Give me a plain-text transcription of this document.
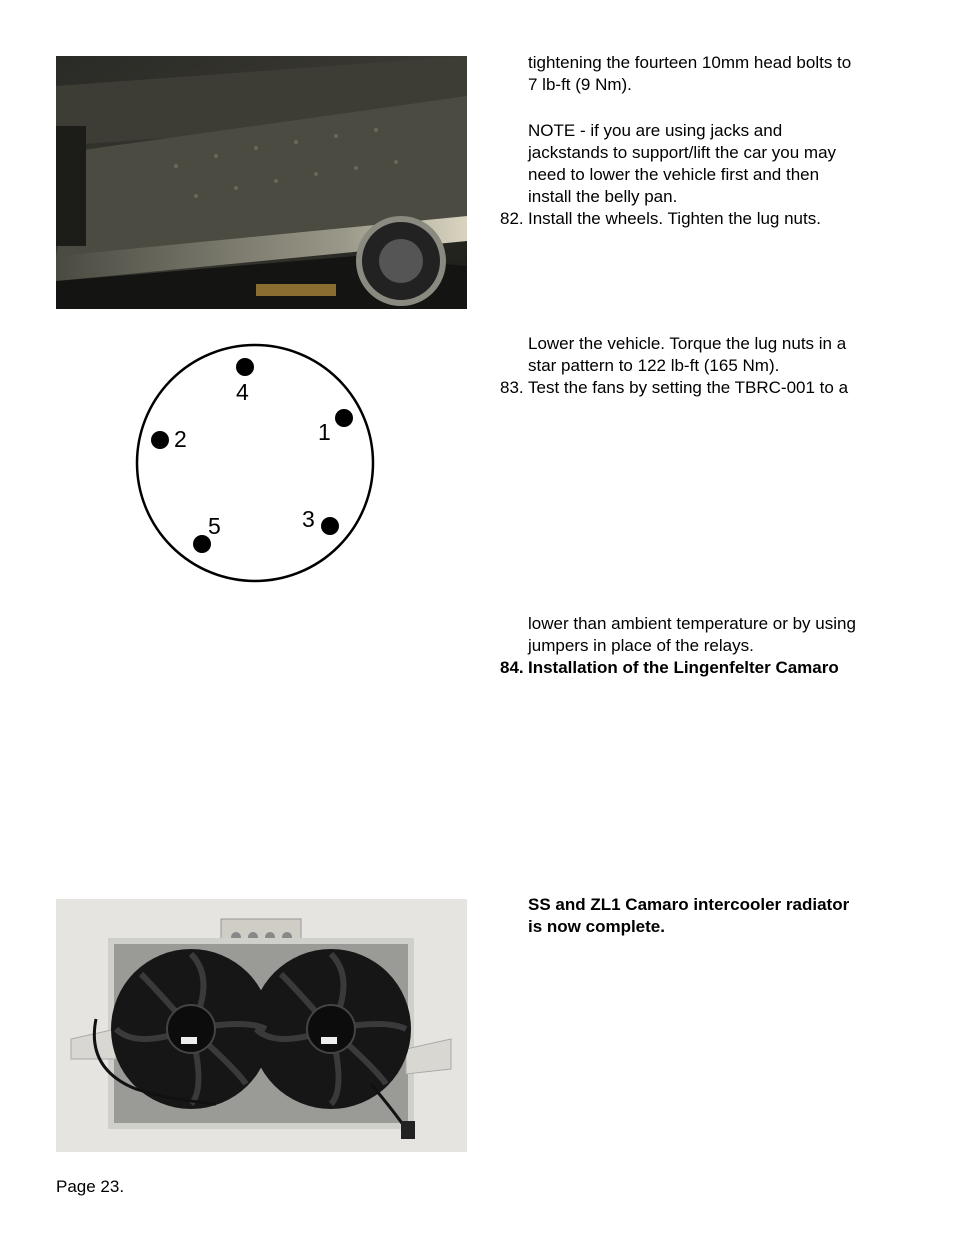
4
1
2
3
5
tightening the fourteen 10mm head bolts to
7 lb-ft (9 Nm).
NOTE - if you are using jacks and
jackstands to support/lift the car you may
need to lower the vehicle first and then
install the belly pan.
82. Install the wheels. Tighten the lug nuts.
Lower the vehicle. Torque the lug nuts in a
star pattern to 122 lb-ft (165 Nm).
83. Test the fans by setting the TBRC-001 to a
lower than ambient temperature or by using
jumpers in place of the relays.
84. Installation of the Lingenfelter Camaro
SS and ZL1 Camaro intercooler radiator
is now complete.
Page 23.
